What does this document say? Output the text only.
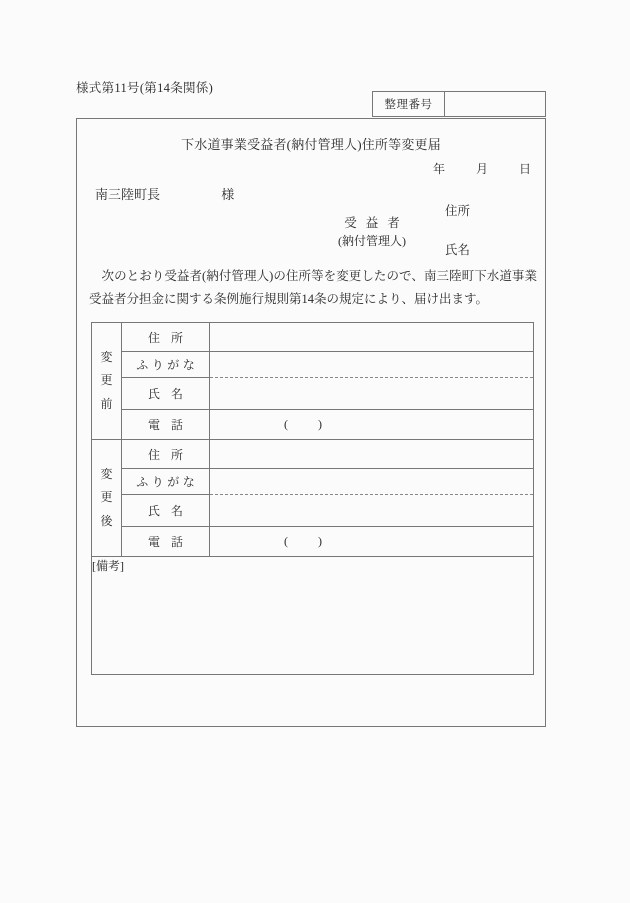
様式第11号(第14条関係)
整理番号
下水道事業受益者(納付管理人)住所等変更届
年	月	日
南三陸町長	様
受益者
(納付管理人)
住所
氏名

次のとおり受益者(納付管理人)の住所等を変更したので、南三陸町下水道事業受益者分担金に関する条例施行規則第14条の規定により、届け出ます。

変
更
前	住所	
	ふりがな	
	氏名	
	電話	( )

変
更
後	住所	
	ふりがな	
	氏名	
	電話	( )
[備考]		
